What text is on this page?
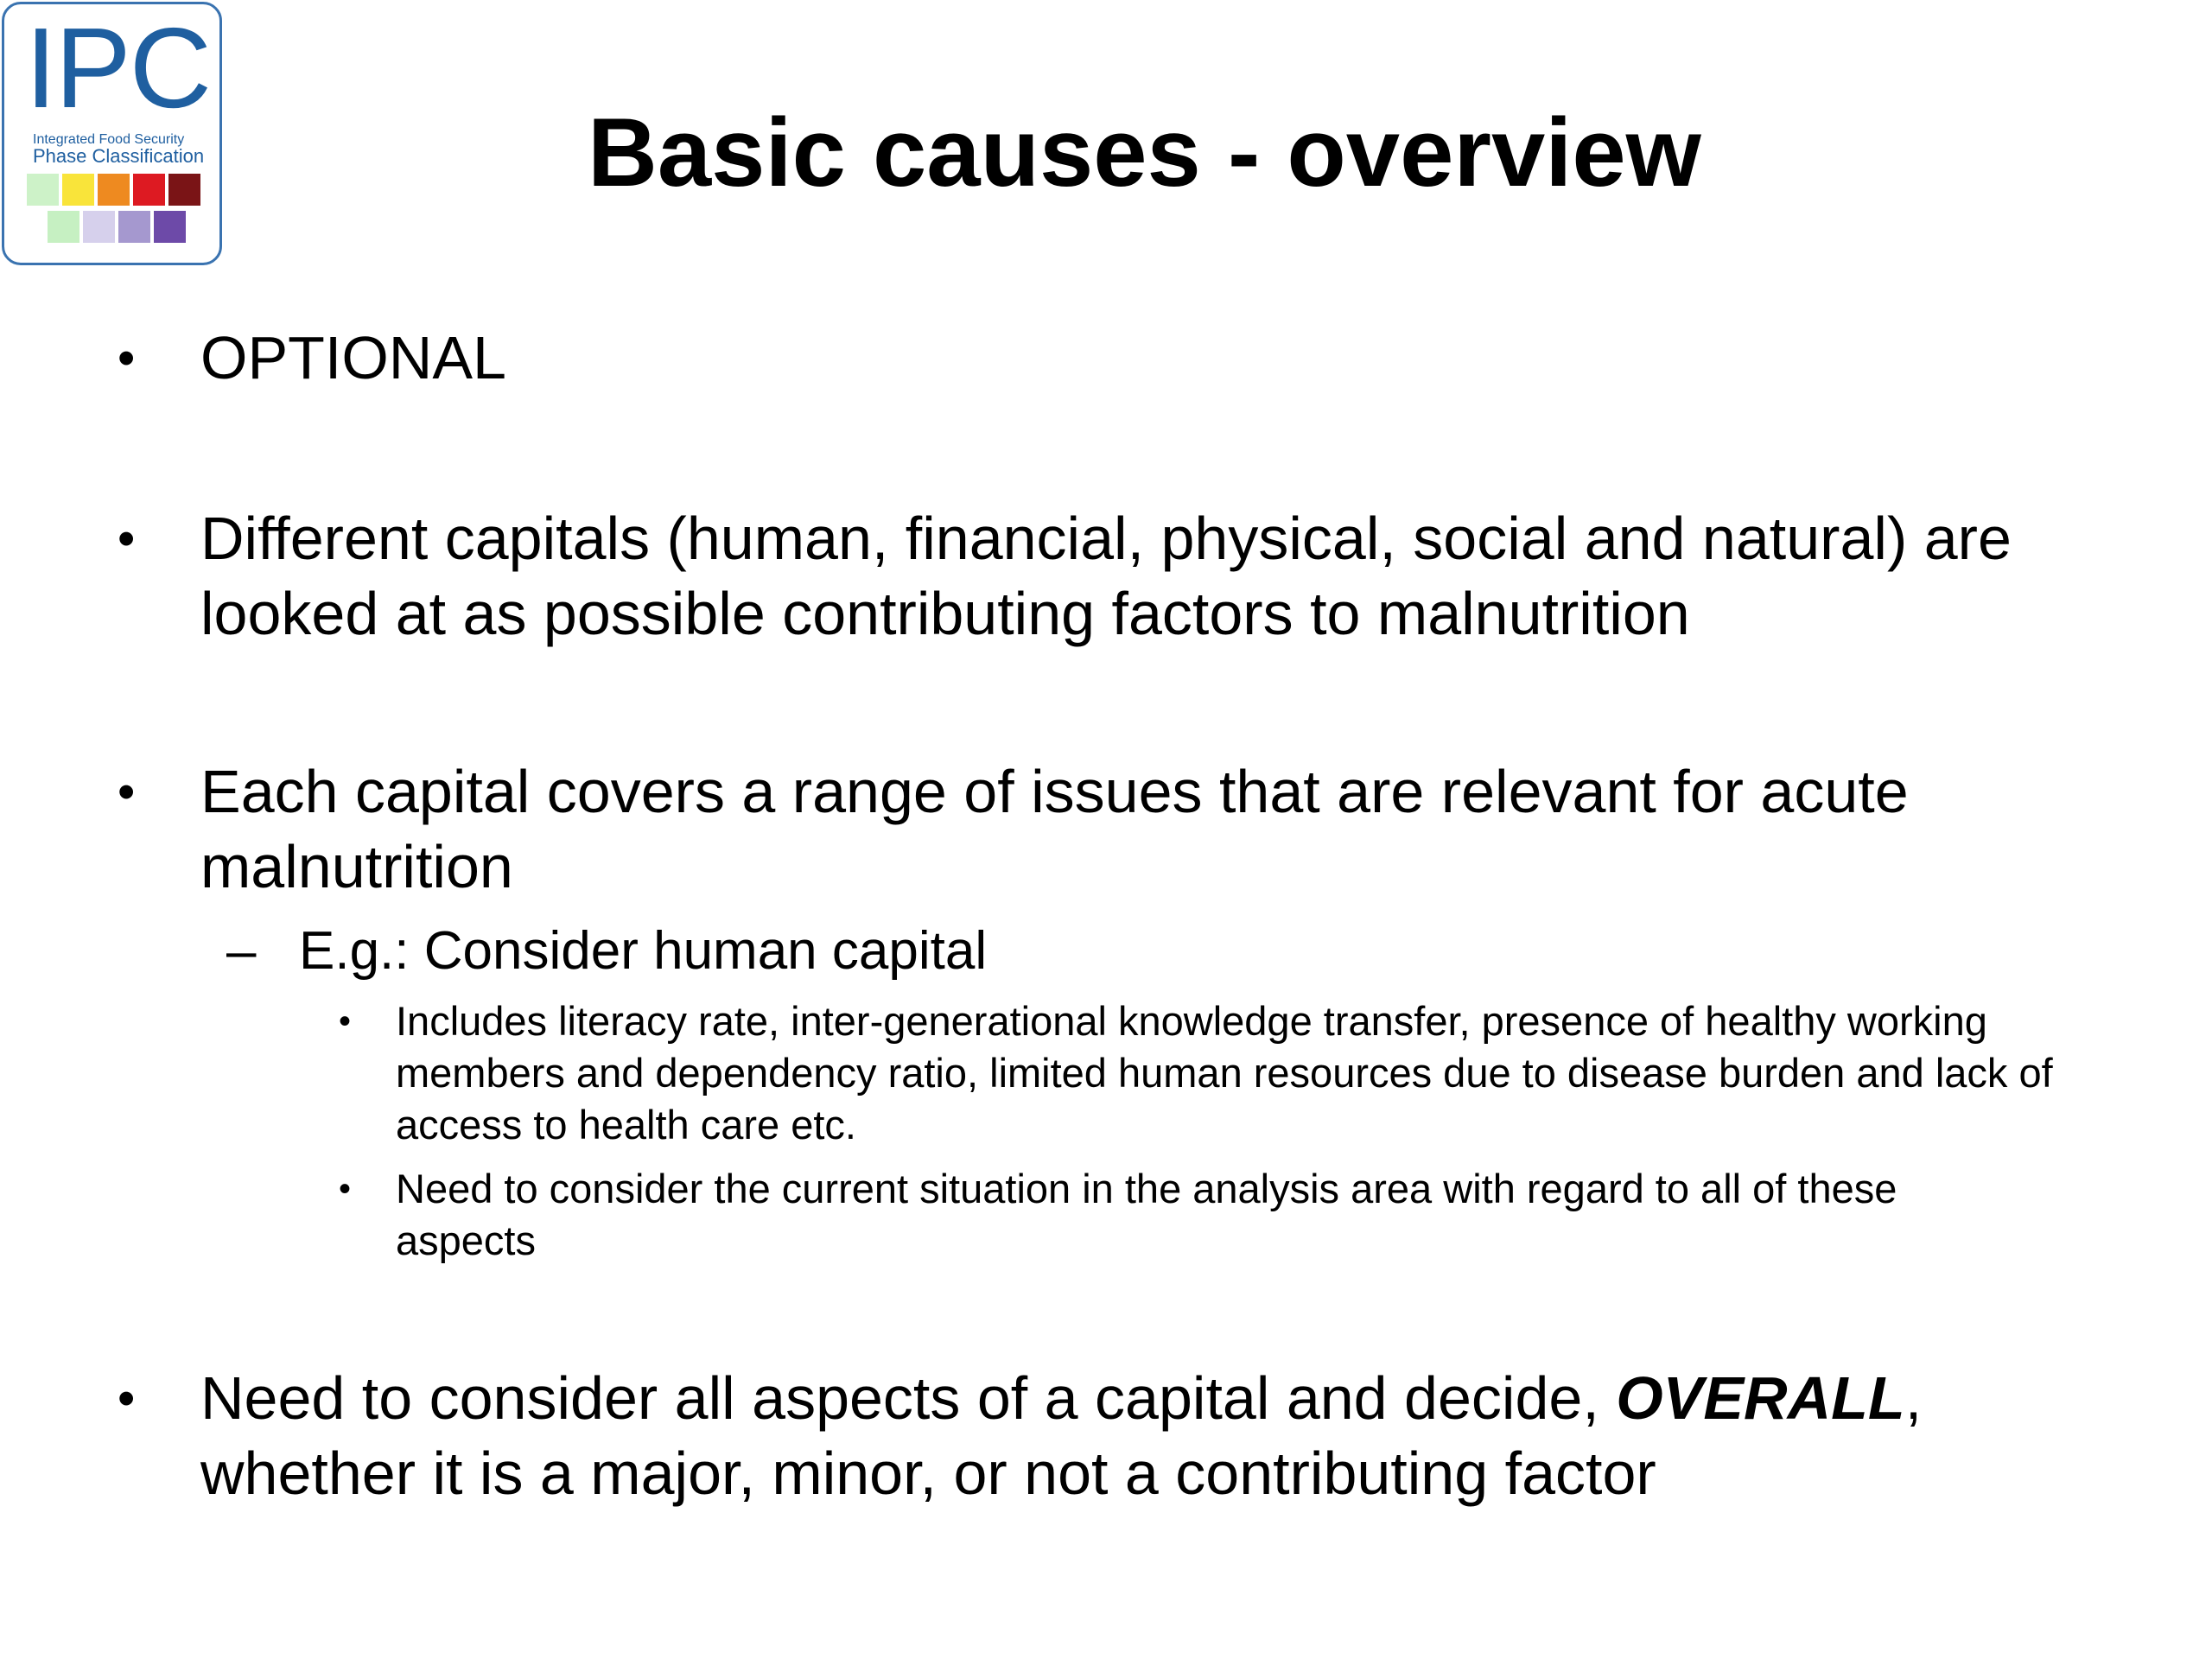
IPC
Integrated Food Security
Phase Classification	Basic causes - overview
• OPTIONAL
• Different capitals (human, financial, physical, social and natural) are looked at as possible contributing factors to malnutrition
• Each capital covers a range of issues that are relevant for acute malnutrition
– E.g.: Consider human capital
• Includes literacy rate, inter-generational knowledge transfer, presence of healthy working members and dependency ratio, limited human resources due to disease burden and lack of access to health care etc.
• Need to consider the current situation in the analysis area with regard to all of these aspects
• Need to consider all aspects of a capital and decide, OVERALL, whether it is a major, minor, or not a contributing factor
